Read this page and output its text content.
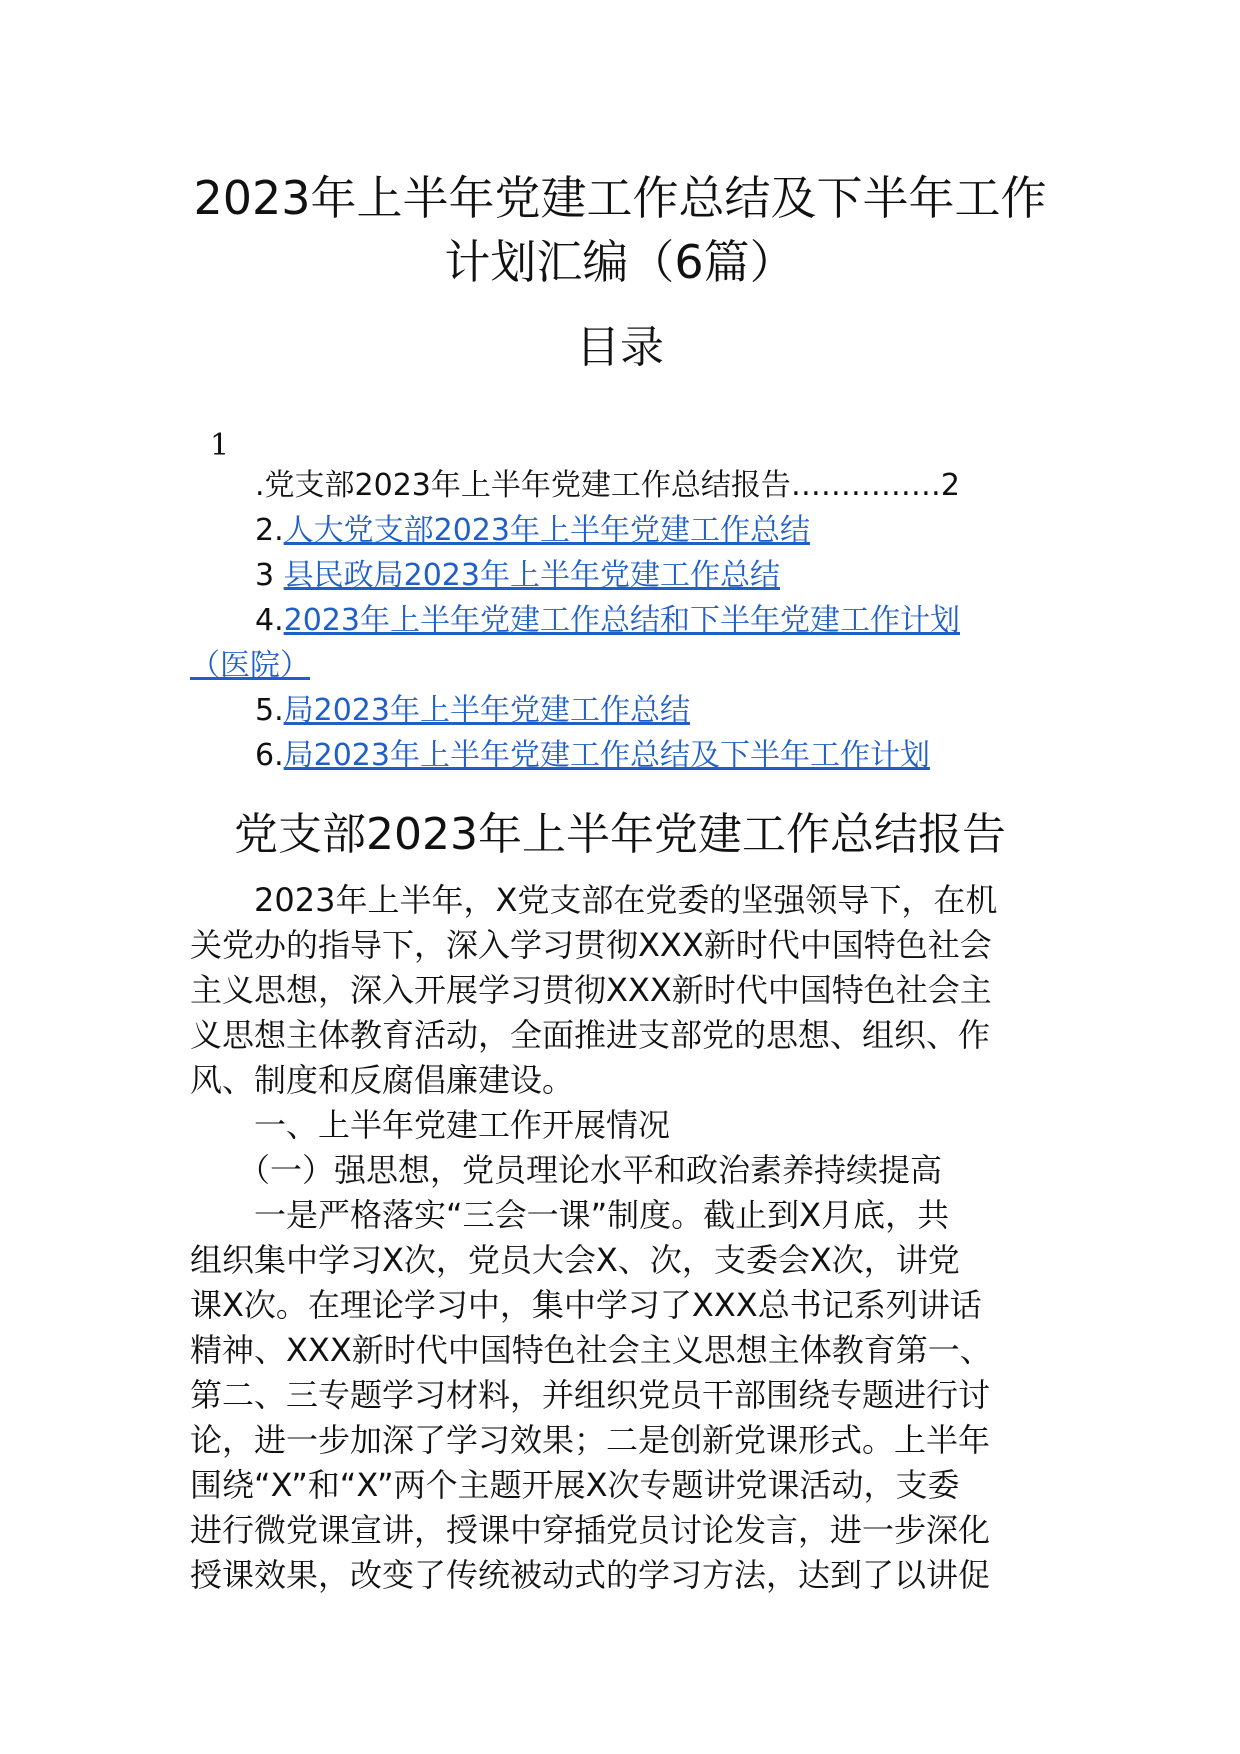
2023年上半年党建工作总结及下半年工作
计划汇编（6篇）
目录
1
.党支部2023年上半年党建工作总结报告……………2
2.人大党支部2023年上半年党建工作总结
3 县民政局2023年上半年党建工作总结
4.2023年上半年党建工作总结和下半年党建工作计划
（医院）
5.局2023年上半年党建工作总结
6.局2023年上半年党建工作总结及下半年工作计划
党支部2023年上半年党建工作总结报告
　　2023年上半年，X党支部在党委的坚强领导下，在机
关党办的指导下，深入学习贯彻XXX新时代中国特色社会
主义思想，深入开展学习贯彻XXX新时代中国特色社会主
义思想主体教育活动，全面推进支部党的思想、组织、作
风、制度和反腐倡廉建设。
　　一、上半年党建工作开展情况
　　（一）强思想，党员理论水平和政治素养持续提高
　　一是严格落实“三会一课”制度。截止到X月底，共
组织集中学习X次，党员大会X、次，支委会X次，讲党
课X次。在理论学习中，集中学习了XXX总书记系列讲话
精神、XXX新时代中国特色社会主义思想主体教育第一、
第二、三专题学习材料，并组织党员干部围绕专题进行讨
论，进一步加深了学习效果；二是创新党课形式。上半年
围绕“X”和“X”两个主题开展X次专题讲党课活动，支委
进行微党课宣讲，授课中穿插党员讨论发言，进一步深化
授课效果，改变了传统被动式的学习方法，达到了以讲促
